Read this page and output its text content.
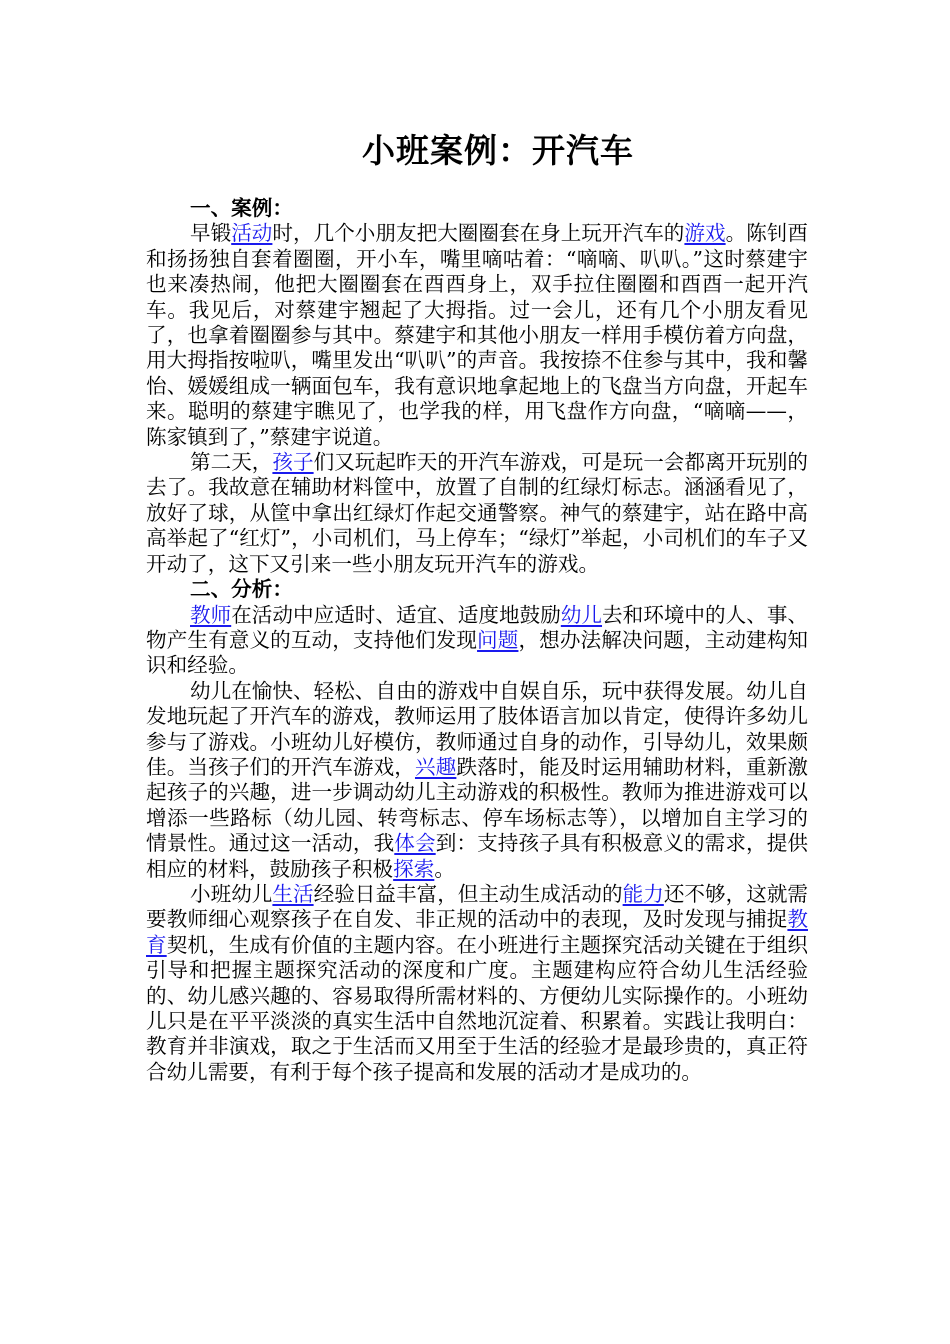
小班案例：开汽车

一、案例：

早锻活动时，几个小朋友把大圈圈套在身上玩开汽车的游戏。陈钊酉和扬扬独自套着圈圈，开小车，嘴里嘀咕着：“嘀嘀、叭叭。”这时蔡建宇也来凑热闹，他把大圈圈套在酉酉身上，双手拉住圈圈和酉酉一起开汽车。我见后，对蔡建宇翘起了大拇指。过一会儿，还有几个小朋友看见了，也拿着圈圈参与其中。蔡建宇和其他小朋友一样用手模仿着方向盘，用大拇指按啦叭，嘴里发出“叭叭”的声音。我按捺不住参与其中，我和馨怡、媛媛组成一辆面包车，我有意识地拿起地上的飞盘当方向盘，开起车来。聪明的蔡建宇瞧见了，也学我的样，用飞盘作方向盘，“嘀嘀——，陈家镇到了，”蔡建宇说道。

第二天，孩子们又玩起昨天的开汽车游戏，可是玩一会都离开玩别的去了。我故意在辅助材料筐中，放置了自制的红绿灯标志。涵涵看见了，放好了球，从筐中拿出红绿灯作起交通警察。神气的蔡建宇，站在路中高高举起了“红灯”，小司机们，马上停车；“绿灯”举起，小司机们的车子又开动了，这下又引来一些小朋友玩开汽车的游戏。

二、分析：

教师在活动中应适时、适宜、适度地鼓励幼儿去和环境中的人、事、物产生有意义的互动，支持他们发现问题，想办法解决问题，主动建构知识和经验。

幼儿在愉快、轻松、自由的游戏中自娱自乐，玩中获得发展。幼儿自发地玩起了开汽车的游戏，教师运用了肢体语言加以肯定，使得许多幼儿参与了游戏。小班幼儿好模仿，教师通过自身的动作，引导幼儿，效果颇佳。当孩子们的开汽车游戏，兴趣跌落时，能及时运用辅助材料，重新激起孩子的兴趣，进一步调动幼儿主动游戏的积极性。教师为推进游戏可以增添一些路标（幼儿园、转弯标志、停车场标志等），以增加自主学习的情景性。通过这一活动，我体会到：支持孩子具有积极意义的需求，提供相应的材料，鼓励孩子积极探索。

小班幼儿生活经验日益丰富，但主动生成活动的能力还不够，这就需要教师细心观察孩子在自发、非正规的活动中的表现，及时发现与捕捉教育契机，生成有价值的主题内容。在小班进行主题探究活动关键在于组织引导和把握主题探究活动的深度和广度。主题建构应符合幼儿生活经验的、幼儿感兴趣的、容易取得所需材料的、方便幼儿实际操作的。小班幼儿只是在平平淡淡的真实生活中自然地沉淀着、积累着。实践让我明白：教育并非演戏，取之于生活而又用至于生活的经验才是最珍贵的，真正符合幼儿需要，有利于每个孩子提高和发展的活动才是成功的。
